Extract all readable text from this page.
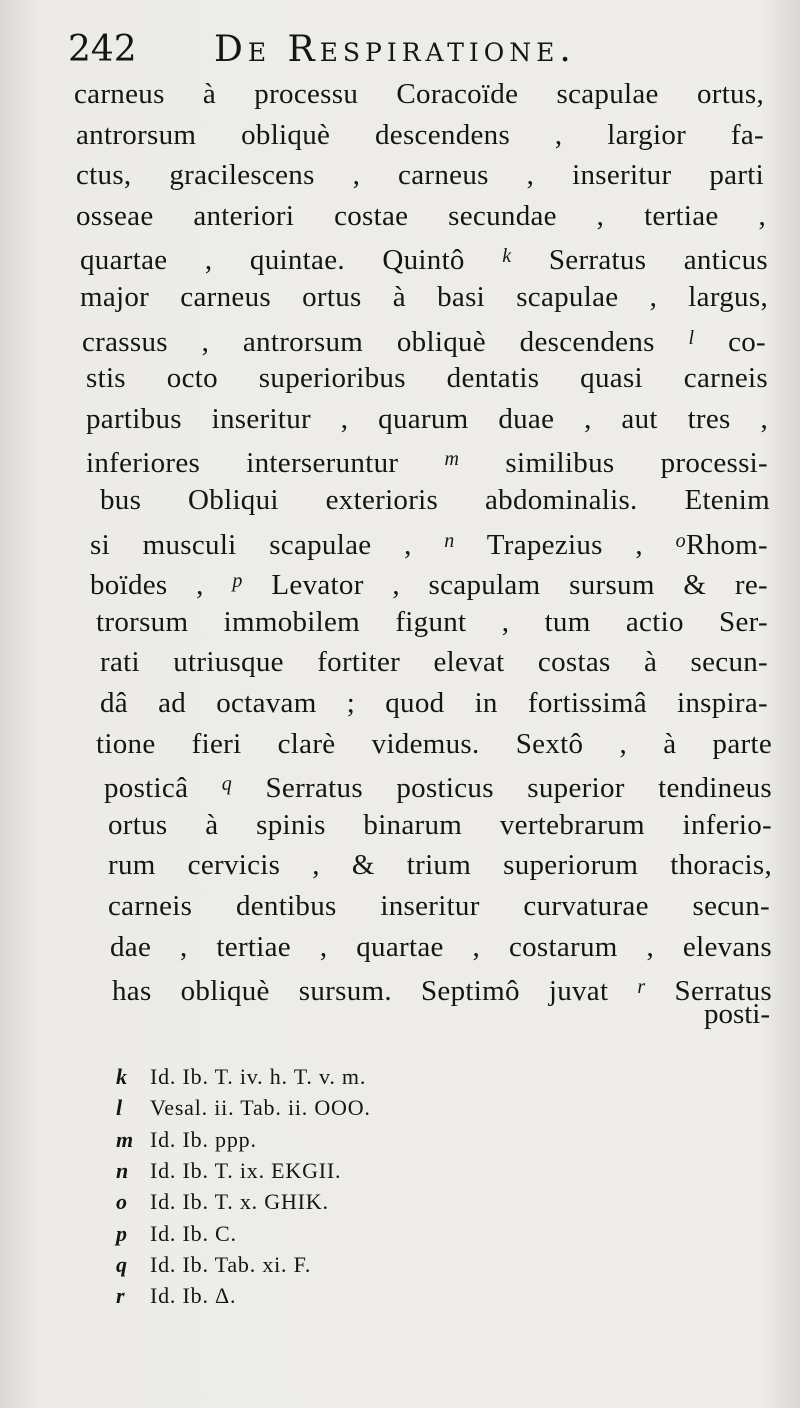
242 De Respiratione.
carneus à processu Coracoïde scapulae ortus,
antrorsum obliquè descendens , largior fa-
ctus, gracilescens , carneus , inseritur parti
osseae anteriori costae secundae , tertiae ,
quartae , quintae. Quintô $^k$ Serratus anticus
major carneus ortus à basi scapulae , largus,
crassus , antrorsum obliquè descendens $^l$ co-
stis octo superioribus dentatis quasi carneis
partibus inseritur , quarum duae , aut tres ,
inferiores interseruntur $^m$ similibus processi-
bus Obliqui exterioris abdominalis. Etenim
si musculi scapulae , $^n$ Trapezius , $^o$Rhom-
boïdes , $^p$ Levator , scapulam sursum & re-
trorsum immobilem figunt , tum actio Ser-
rati utriusque fortiter elevat costas à secun-
dâ ad octavam ; quod in fortissimâ inspira-
tione fieri clarè videmus. Sextô , à parte
posticâ $^q$ Serratus posticus superior tendineus
ortus à spinis binarum vertebrarum inferio-
rum cervicis , & trium superiorum thoracis,
carneis dentibus inseritur curvaturae secun-
dae , tertiae , quartae , costarum , elevans
has obliquè sursum. Septimô juvat $^r$ Serratus
posti-
k Id. Ib. T. iv. h. T. v. m.
l Vesal. ii. Tab. ii. OOO.
m Id. Ib. ppp.
n Id. Ib. T. ix. EKGII.
o Id. Ib. T. x. GHIK.
p Id. Ib. C.
q Id. Ib. Tab. xi. F.
r Id. Ib. Δ.
